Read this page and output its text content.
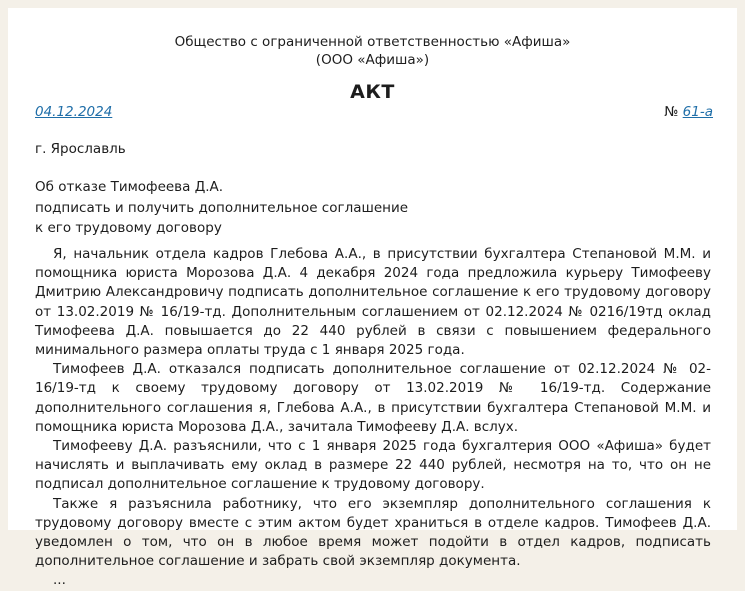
Общество с ограниченной ответственностью «Афиша»
(ООО «Афиша»)
АКТ
04.12.2024	№ 61-а
г. Ярославль
Об отказе Тимофеева Д.А.
подписать и получить дополнительное соглашение
к его трудовому договору

Я, начальник отдела кадров Глебова А.А., в присутствии бухгалтера Степановой М.М. и помощника юриста Морозова Д.А. 4 декабря 2024 года предложила курьеру Тимофееву Дмитрию Александровичу подписать дополнительное соглашение к его трудовому договору от 13.02.2019 № 16/19-тд. Дополнительным соглашением от 02.12.2024 № 0216/19тд оклад Тимофеева Д.А. повышается до 22 440 рублей в связи с повышением федерального минимального размера оплаты труда с 1 января 2025 года.

Тимофеев Д.А. отказался подписать дополнительное соглашение от 02.12.2024 № 02-16/19-тд к своему трудовому договору от 13.02.2019 № 16/19-тд. Содержание дополнительного соглашения я, Глебова А.А., в присутствии бухгалтера Степановой М.М. и помощника юриста Морозова Д.А., зачитала Тимофееву Д.А. вслух.

Тимофееву Д.А. разъяснили, что с 1 января 2025 года бухгалтерия ООО «Афиша» будет начислять и выплачивать ему оклад в размере 22 440 рублей, несмотря на то, что он не подписал дополнительное соглашение к трудовому договору.

Также я разъяснила работнику, что его экземпляр дополнительного соглашения к трудовому договору вместе с этим актом будет храниться в отделе кадров. Тимофеев Д.А. уведомлен о том, что он в любое время может подойти в отдел кадров, подписать дополнительное соглашение и забрать свой экземпляр документа.

...
